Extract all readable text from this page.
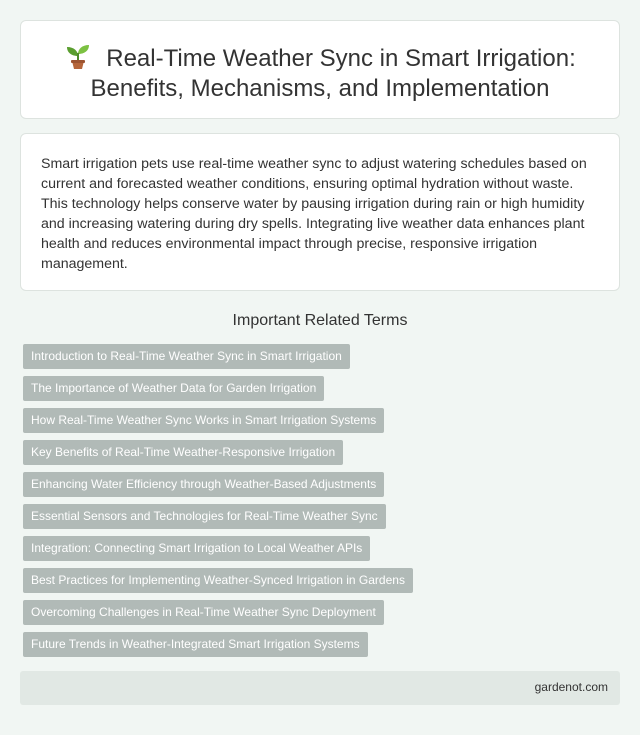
Real-Time Weather Sync in Smart Irrigation:
Benefits, Mechanisms, and Implementation

Smart irrigation pets use real-time weather sync to adjust watering schedules based on current and forecasted weather conditions, ensuring optimal hydration without waste. This technology helps conserve water by pausing irrigation during rain or high humidity and increasing watering during dry spells. Integrating live weather data enhances plant health and reduces environmental impact through precise, responsive irrigation management.

Important Related Terms
Introduction to Real-Time Weather Sync in Smart Irrigation
The Importance of Weather Data for Garden Irrigation
How Real-Time Weather Sync Works in Smart Irrigation Systems
Key Benefits of Real-Time Weather-Responsive Irrigation
Enhancing Water Efficiency through Weather-Based Adjustments
Essential Sensors and Technologies for Real-Time Weather Sync
Integration: Connecting Smart Irrigation to Local Weather APIs
Best Practices for Implementing Weather-Synced Irrigation in Gardens
Overcoming Challenges in Real-Time Weather Sync Deployment
Future Trends in Weather-Integrated Smart Irrigation Systems
gardenot.com
